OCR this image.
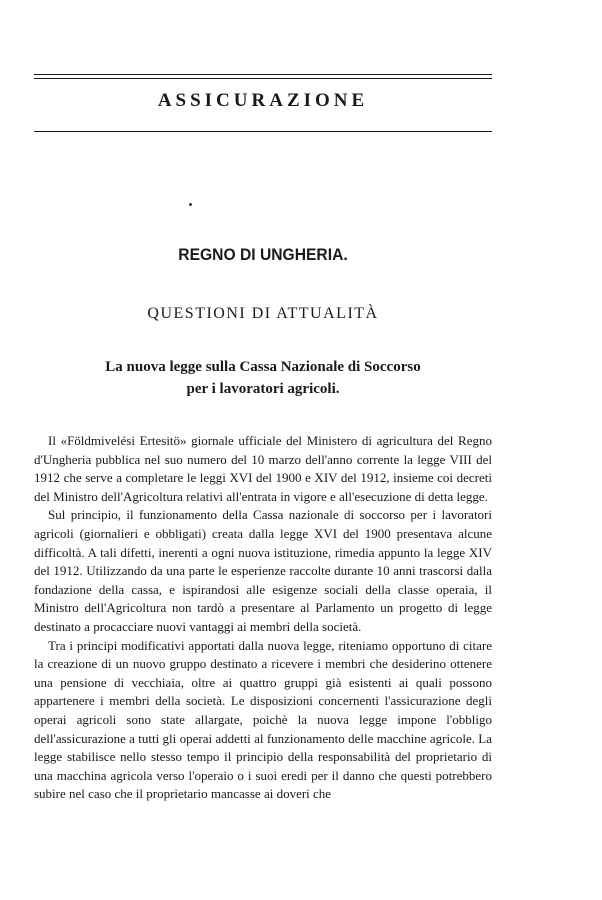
ASSICURAZIONE
REGNO DI UNGHERIA.
QUESTIONI DI ATTUALITÀ
La nuova legge sulla Cassa Nazionale di Soccorso
per i lavoratori agricoli.

Il «Földmivelési Ertesitö» giornale ufficiale del Ministero di agricultura del Regno d'Ungheria pubblica nel suo numero del 10 marzo dell'anno corrente la legge VIII del 1912 che serve a completare le leggi XVI del 1900 e XIV del 1912, insieme coi decreti del Ministro dell'Agricoltura relativi all'entrata in vigore e all'esecuzione di detta legge.

Sul principio, il funzionamento della Cassa nazionale di soccorso per i lavoratori agricoli (giornalieri e obbligati) creata dalla legge XVI del 1900 presentava alcune difficoltà. A tali difetti, inerenti a ogni nuova istituzione, rimedia appunto la legge XIV del 1912. Utilizzando da una parte le esperienze raccolte durante 10 anni trascorsi dalla fondazione della cassa, e ispirandosi alle esigenze sociali della classe operaia, il Ministro dell'Agricoltura non tardò a presentare al Parlamento un progetto di legge destinato a procacciare nuovi vantaggi ai membri della società.

Tra i principi modificativi apportati dalla nuova legge, riteniamo opportuno di citare la creazione di un nuovo gruppo destinato a ricevere i membri che desiderino ottenere una pensione di vecchiaia, oltre ai quattro gruppi già esistenti ai quali possono appartenere i membri della società. Le disposizioni concernenti l'assicurazione degli operai agricoli sono state allargate, poichè la nuova legge impone l'obbligo dell'assicurazione a tutti gli operai addetti al funzionamento delle macchine agricole. La legge stabilisce nello stesso tempo il principio della responsabilità del proprietario di una macchina agricola verso l'operaio o i suoi eredi per il danno che questi potrebbero subire nel caso che il proprietario mancasse ai doveri che
